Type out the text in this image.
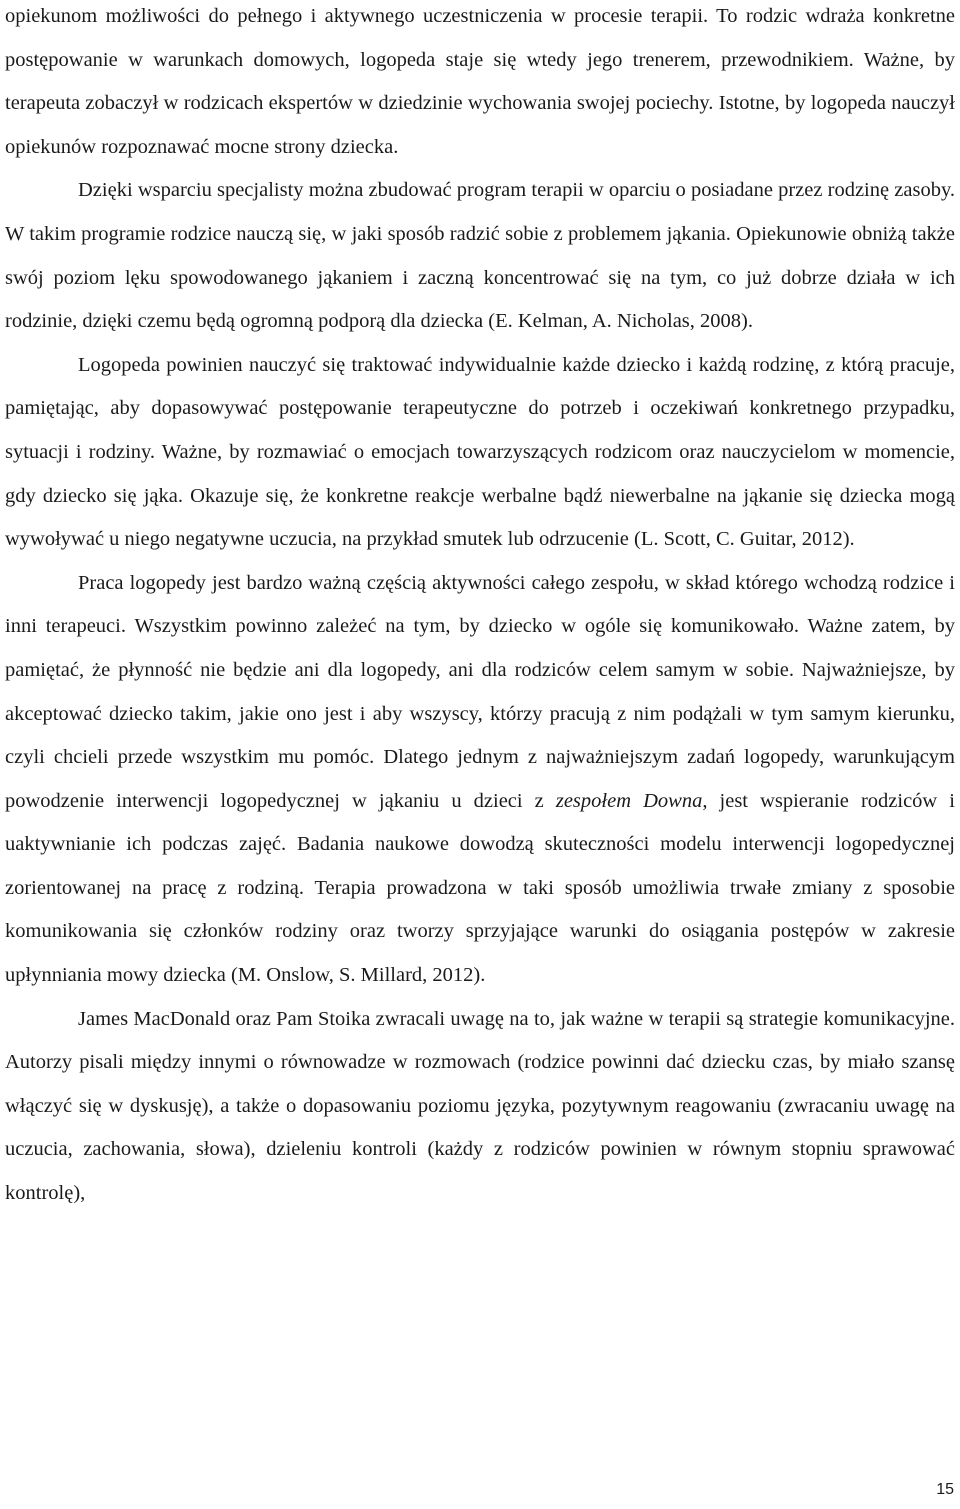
opiekunom możliwości do pełnego i aktywnego uczestniczenia w procesie terapii. To rodzic wdraża konkretne postępowanie w warunkach domowych, logopeda staje się wtedy jego trenerem, przewodnikiem. Ważne, by terapeuta zobaczył w rodzicach ekspertów w dziedzinie wychowania swojej pociechy. Istotne, by logopeda nauczył opiekunów rozpoznawać mocne strony dziecka.

Dzięki wsparciu specjalisty można zbudować program terapii w oparciu o posiadane przez rodzinę zasoby. W takim programie rodzice nauczą się, w jaki sposób radzić sobie z problemem jąkania. Opiekunowie obniżą także swój poziom lęku spowodowanego jąkaniem i zaczną koncentrować się na tym, co już dobrze działa w ich rodzinie, dzięki czemu będą ogromną podporą dla dziecka (E. Kelman, A. Nicholas, 2008).

Logopeda powinien nauczyć się traktować indywidualnie każde dziecko i każdą rodzinę, z którą pracuje, pamiętając, aby dopasowywać postępowanie terapeutyczne do potrzeb i oczekiwań konkretnego przypadku, sytuacji i rodziny. Ważne, by rozmawiać o emocjach towarzyszących rodzicom oraz nauczycielom w momencie, gdy dziecko się jąka. Okazuje się, że konkretne reakcje werbalne bądź niewerbalne na jąkanie się dziecka mogą wywoływać u niego negatywne uczucia, na przykład smutek lub odrzucenie (L. Scott, C. Guitar, 2012).

Praca logopedy jest bardzo ważną częścią aktywności całego zespołu, w skład którego wchodzą rodzice i inni terapeuci. Wszystkim powinno zależeć na tym, by dziecko w ogóle się komunikowało. Ważne zatem, by pamiętać, że płynność nie będzie ani dla logopedy, ani dla rodziców celem samym w sobie. Najważniejsze, by akceptować dziecko takim, jakie ono jest i aby wszyscy, którzy pracują z nim podążali w tym samym kierunku, czyli chcieli przede wszystkim mu pomóc. Dlatego jednym z najważniejszym zadań logopedy, warunkującym powodzenie interwencji logopedycznej w jąkaniu u dzieci z zespołem Downa, jest wspieranie rodziców i uaktywnianie ich podczas zajęć. Badania naukowe dowodzą skuteczności modelu interwencji logopedycznej zorientowanej na pracę z rodziną. Terapia prowadzona w taki sposób umożliwia trwałe zmiany z sposobie komunikowania się członków rodziny oraz tworzy sprzyjające warunki do osiągania postępów w zakresie upłynniania mowy dziecka (M. Onslow, S. Millard, 2012).

James MacDonald oraz Pam Stoika zwracali uwagę na to, jak ważne w terapii są strategie komunikacyjne. Autorzy pisali między innymi o równowadze w rozmowach (rodzice powinni dać dziecku czas, by miało szansę włączyć się w dyskusję), a także o dopasowaniu poziomu języka, pozytywnym reagowaniu (zwracaniu uwagę na uczucia, zachowania, słowa), dzieleniu kontroli (każdy z rodziców powinien w równym stopniu sprawować kontrolę),

15
